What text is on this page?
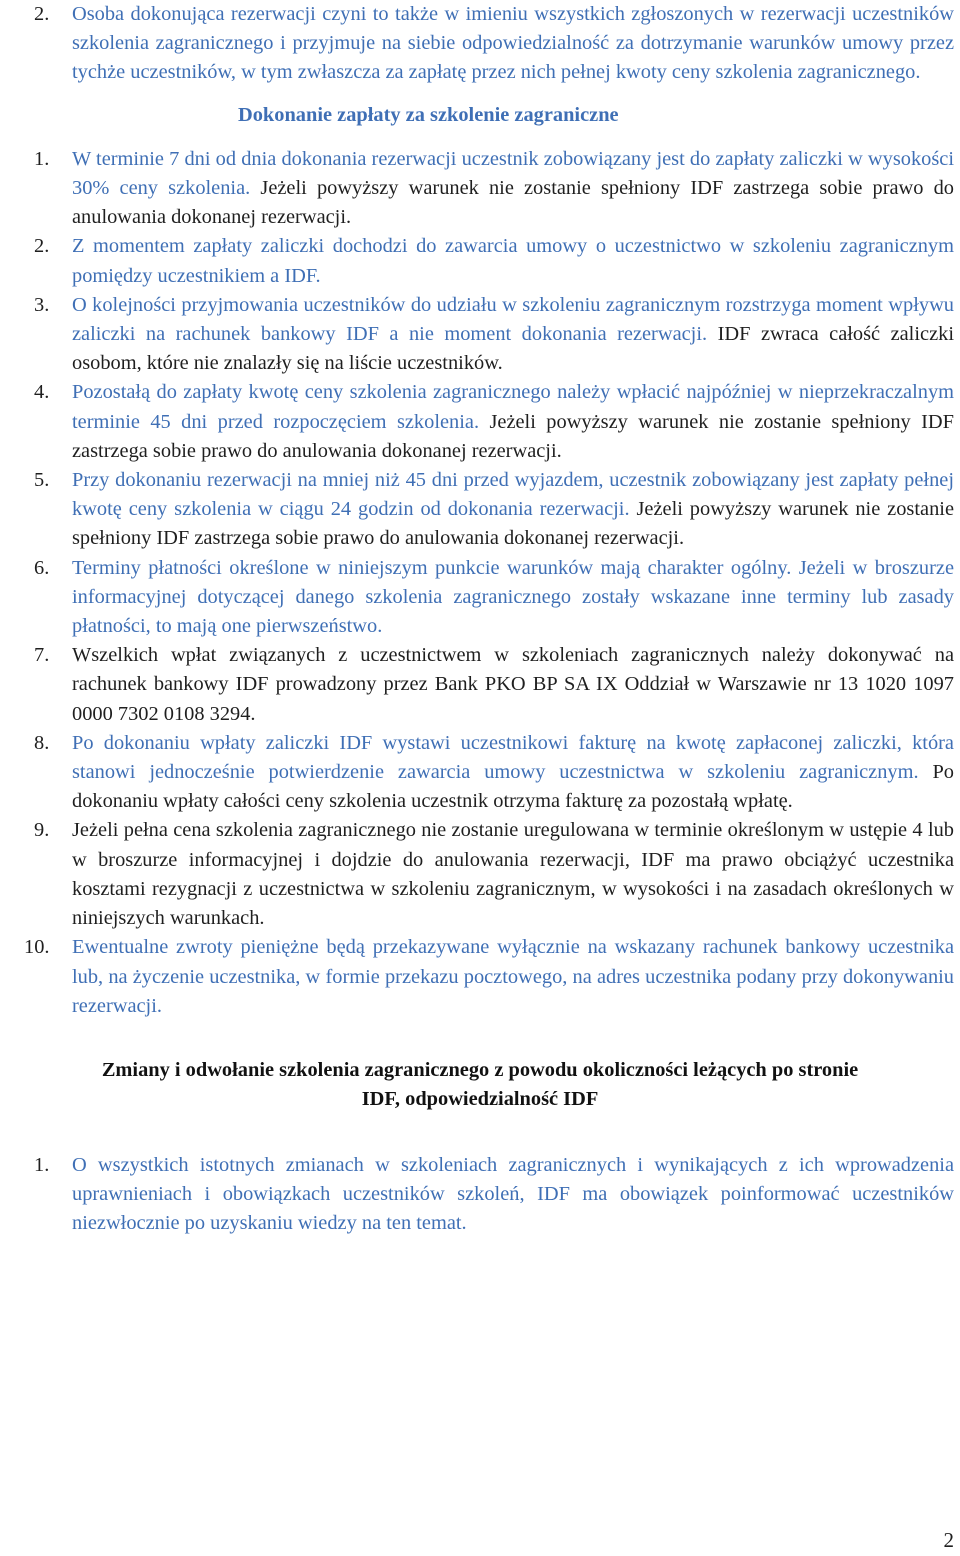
2. Osoba dokonująca rezerwacji czyni to także w imieniu wszystkich zgłoszonych w rezerwacji uczestników szkolenia zagranicznego i przyjmuje na siebie odpowiedzialność za dotrzymanie warunków umowy przez tychże uczestników, w tym zwłaszcza za zapłatę przez nich pełnej kwoty ceny szkolenia zagranicznego.
Dokonanie zapłaty za szkolenie zagraniczne
1. W terminie 7 dni od dnia dokonania rezerwacji uczestnik zobowiązany jest do zapłaty zaliczki w wysokości 30% ceny szkolenia. Jeżeli powyższy warunek nie zostanie spełniony IDF zastrzega sobie prawo do anulowania dokonanej rezerwacji.
2. Z momentem zapłaty zaliczki dochodzi do zawarcia umowy o uczestnictwo w szkoleniu zagranicznym pomiędzy uczestnikiem a IDF.
3. O kolejności przyjmowania uczestników do udziału w szkoleniu zagranicznym rozstrzyga moment wpływu zaliczki na rachunek bankowy IDF a nie moment dokonania rezerwacji. IDF zwraca całość zaliczki osobom, które nie znalazły się na liście uczestników.
4. Pozostałą do zapłaty kwotę ceny szkolenia zagranicznego należy wpłacić najpóźniej w nieprzekraczalnym terminie 45 dni przed rozpoczęciem szkolenia. Jeżeli powyższy warunek nie zostanie spełniony IDF zastrzega sobie prawo do anulowania dokonanej rezerwacji.
5. Przy dokonaniu rezerwacji na mniej niż 45 dni przed wyjazdem, uczestnik zobowiązany jest zapłaty pełnej kwotę ceny szkolenia w ciągu 24 godzin od dokonania rezerwacji. Jeżeli powyższy warunek nie zostanie spełniony IDF zastrzega sobie prawo do anulowania dokonanej rezerwacji.
6. Terminy płatności określone w niniejszym punkcie warunków mają charakter ogólny. Jeżeli w broszurze informacyjnej dotyczącej danego szkolenia zagranicznego zostały wskazane inne terminy lub zasady płatności, to mają one pierwszeństwo.
7. Wszelkich wpłat związanych z uczestnictwem w szkoleniach zagranicznych należy dokonywać na rachunek bankowy IDF prowadzony przez Bank PKO BP SA IX Oddział w Warszawie nr 13 1020 1097 0000 7302 0108 3294.
8. Po dokonaniu wpłaty zaliczki IDF wystawi uczestnikowi fakturę na kwotę zapłaconej zaliczki, która stanowi jednocześnie potwierdzenie zawarcia umowy uczestnictwa w szkoleniu zagranicznym. Po dokonaniu wpłaty całości ceny szkolenia uczestnik otrzyma fakturę za pozostałą wpłatę.
9. Jeżeli pełna cena szkolenia zagranicznego nie zostanie uregulowana w terminie określonym w ustępie 4 lub w broszurze informacyjnej i dojdzie do anulowania rezerwacji, IDF ma prawo obciążyć uczestnika kosztami rezygnacji z uczestnictwa w szkoleniu zagranicznym, w wysokości i na zasadach określonych w niniejszych warunkach.
10. Ewentualne zwroty pieniężne będą przekazywane wyłącznie na wskazany rachunek bankowy uczestnika lub, na życzenie uczestnika, w formie przekazu pocztowego, na adres uczestnika podany przy dokonywaniu rezerwacji.
Zmiany i odwołanie szkolenia zagranicznego z powodu okoliczności leżących po stronie
IDF, odpowiedzialność IDF
1. O wszystkich istotnych zmianach w szkoleniach zagranicznych i wynikających z ich wprowadzenia uprawnieniach i obowiązkach uczestników szkoleń, IDF ma obowiązek poinformować uczestników niezwłocznie po uzyskaniu wiedzy na ten temat.
2
